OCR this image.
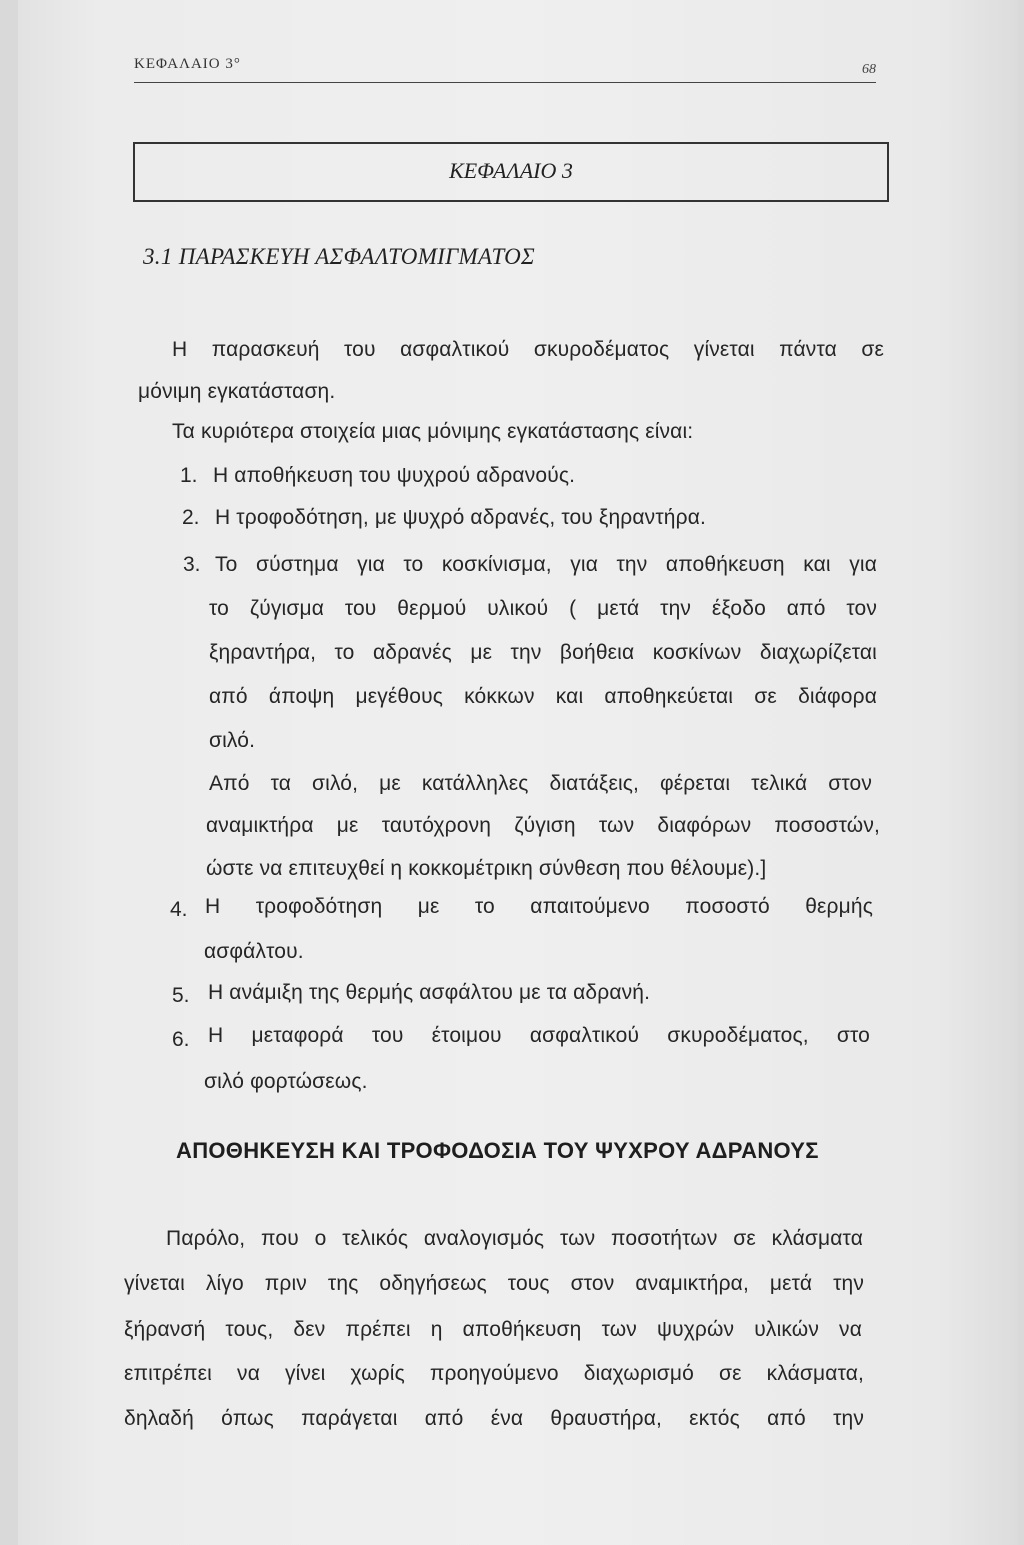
ΚΕΦΑΛΑΙΟ 3°	68
ΚΕΦΑΛΑΙΟ 3
3.1 ΠΑΡΑΣΚΕΥΗ ΑΣΦΑΛΤΟΜΙΓΜΑΤΟΣ
Η παρασκευή του ασφαλτικού σκυροδέματος γίνεται πάντα σε
μόνιμη εγκατάσταση.
Τα κυριότερα στοιχεία μιας μόνιμης εγκατάστασης είναι:
1. Η αποθήκευση του ψυχρού αδρανούς.
2. Η τροφοδότηση, με ψυχρό αδρανές, του ξηραντήρα.
3. Το σύστημα για το κοσκίνισμα, για την αποθήκευση και για
το ζύγισμα του θερμού υλικού ( μετά την έξοδο από τον
ξηραντήρα, το αδρανές με την βοήθεια κοσκίνων διαχωρίζεται
από άποψη μεγέθους κόκκων και αποθηκεύεται σε διάφορα
σιλό.
Από τα σιλό, με κατάλληλες διατάξεις, φέρεται τελικά στον
αναμικτήρα με ταυτόχρονη ζύγιση των διαφόρων ποσοστών,
ώστε να επιτευχθεί η κοκκομέτρικη σύνθεση που θέλουμε).]
4. Η τροφοδότηση με το απαιτούμενο ποσοστό θερμής
ασφάλτου.
5. Η ανάμιξη της θερμής ασφάλτου με τα αδρανή.
6. Η μεταφορά του έτοιμου ασφαλτικού σκυροδέματος, στο
σιλό φορτώσεως.
ΑΠΟΘΗΚΕΥΣΗ ΚΑΙ ΤΡΟΦΟΔΟΣΙΑ ΤΟΥ ΨΥΧΡΟΥ ΑΔΡΑΝΟΥΣ
Παρόλο, που ο τελικός αναλογισμός των ποσοτήτων σε κλάσματα
γίνεται λίγο πριν της οδηγήσεως τους στον αναμικτήρα, μετά την
ξήρανσή τους, δεν πρέπει η αποθήκευση των ψυχρών υλικών να
επιτρέπει να γίνει χωρίς προηγούμενο διαχωρισμό σε κλάσματα,
δηλαδή όπως παράγεται από ένα θραυστήρα, εκτός από την
